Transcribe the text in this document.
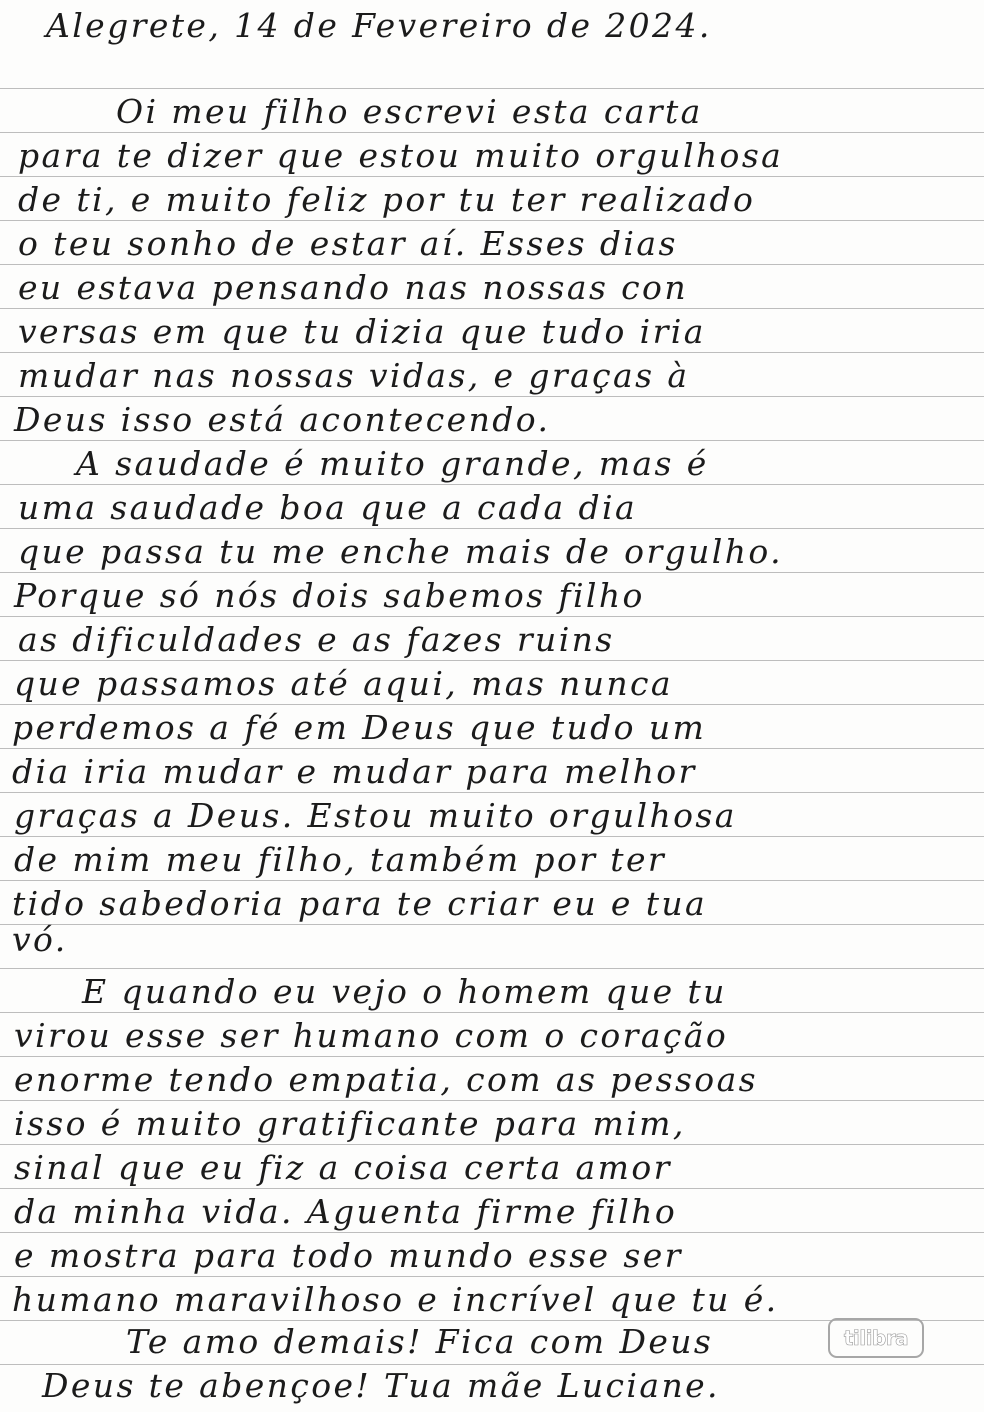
Alegrete, 14 de Fevereiro de 2024.
Oi meu filho escrevi esta carta
para te dizer que estou muito orgulhosa
de ti, e muito feliz por tu ter realizado
o teu sonho de estar aí. Esses dias
eu estava pensando nas nossas con
versas em que tu dizia que tudo iria
mudar nas nossas vidas, e graças à
Deus isso está acontecendo.
A saudade é muito grande, mas é
uma saudade boa que a cada dia
que passa tu me enche mais de orgulho.
Porque só nós dois sabemos filho
as dificuldades e as fazes ruins
que passamos até aqui, mas nunca
perdemos a fé em Deus que tudo um
dia iria mudar e mudar para melhor
graças a Deus. Estou muito orgulhosa
de mim meu filho, também por ter
tido sabedoria para te criar eu e tua
vó.
E quando eu vejo o homem que tu
virou esse ser humano com o coração
enorme tendo empatia, com as pessoas
isso é muito gratificante para mim,
sinal que eu fiz a coisa certa amor
da minha vida. Aguenta firme filho
e mostra para todo mundo esse ser
humano maravilhoso e incrível que tu é.
Te amo demais! Fica com Deus
Deus te abençoe! Tua mãe Luciane.
tilibra
